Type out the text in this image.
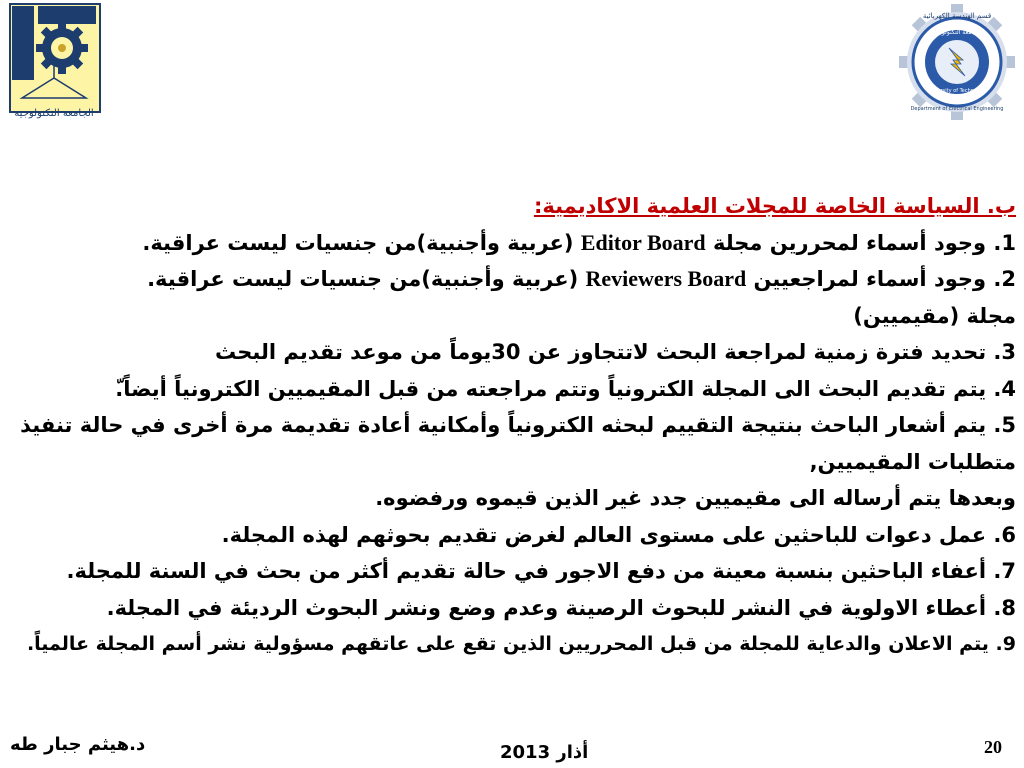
الجامعة التكنولوجية
قسم الهندسة الكهربائية
الجامعة التكنولوجية
University of Technology
Department of Electrical Engineering
ب. السياسة الخاصة للمجلات العلمية الاكاديمية:
1. وجود أسماء لمحررين مجلة Editor Board (عربية وأجنبية)من جنسيات ليست عراقية.
2. وجود أسماء لمراجعيين Reviewers Board (عربية وأجنبية)من جنسيات ليست عراقية.
مجلة (مقيميين)
3. تحديد فترة زمنية لمراجعة البحث لاتتجاوز عن 30يوماً من موعد تقديم البحث
4. يتم تقديم البحث الى المجلة الكترونياً وتتم مراجعته من قبل المقيميين الكترونياً أيضاً.ّ
5. يتم أشعار الباحث بنتيجة التقييم لبحثه الكترونياً وأمكانية أعادة تقديمة مرة أخرى في حالة تنفيذ
متطلبات المقيميين,
وبعدها يتم أرساله الى مقيميين جدد غير الذين قيموه ورفضوه.
6. عمل دعوات للباحثين على مستوى العالم لغرض تقديم بحوثهم لهذه المجلة.
7. أعفاء الباحثين بنسبة معينة من دفع الاجور في حالة تقديم أكثر من بحث في السنة للمجلة.
8. أعطاء الاولوية في النشر للبحوث الرصينة وعدم وضع ونشر البحوث الرديئة في المجلة.
9. يتم الاعلان والدعاية للمجلة من قبل المحرريين الذين تقع على عاتقهم مسؤولية نشر أسم المجلة عالمياً.
د.هيثم جبار طه	أذار 2013	20
